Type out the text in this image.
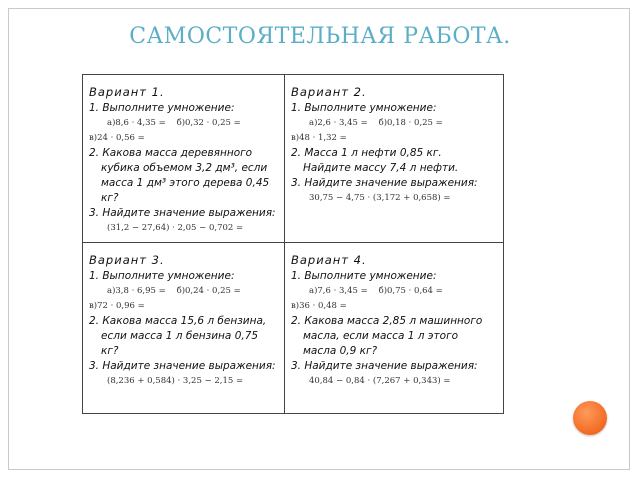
САМОСТОЯТЕЛЬНАЯ РАБОТА.
Вариант 1.
1. Выполните умножение:
а)8,6 · 4,35 = б)0,32 · 0,25 =
в)24 · 0,56 =
2. Какова масса деревянного
кубика объемом 3,2 дм³, если
масса 1 дм³ этого дерева 0,45
кг?
3. Найдите значение выражения:
(31,2 − 27,64) · 2,05 − 0,702 =
Вариант 2.
1. Выполните умножение:
а)2,6 · 3,45 = б)0,18 · 0,25 =
в)48 · 1,32 =
2. Масса 1 л нефти 0,85 кг.
Найдите массу 7,4 л нефти.
3. Найдите значение выражения:
30,75 − 4,75 · (3,172 + 0,658) =
Вариант 3.
1. Выполните умножение:
а)3,8 · 6,95 = б)0,24 · 0,25 =
в)72 · 0,96 =
2. Какова масса 15,6 л бензина,
если масса 1 л бензина 0,75
кг?
3. Найдите значение выражения:
(8,236 + 0,584) · 3,25 − 2,15 =
Вариант 4.
1. Выполните умножение:
а)7,6 · 3,45 = б)0,75 · 0,64 =
в)36 · 0,48 =
2. Какова масса 2,85 л машинного
масла, если масса 1 л этого
масла 0,9 кг?
3. Найдите значение выражения:
40,84 − 0,84 · (7,267 + 0,343) =
